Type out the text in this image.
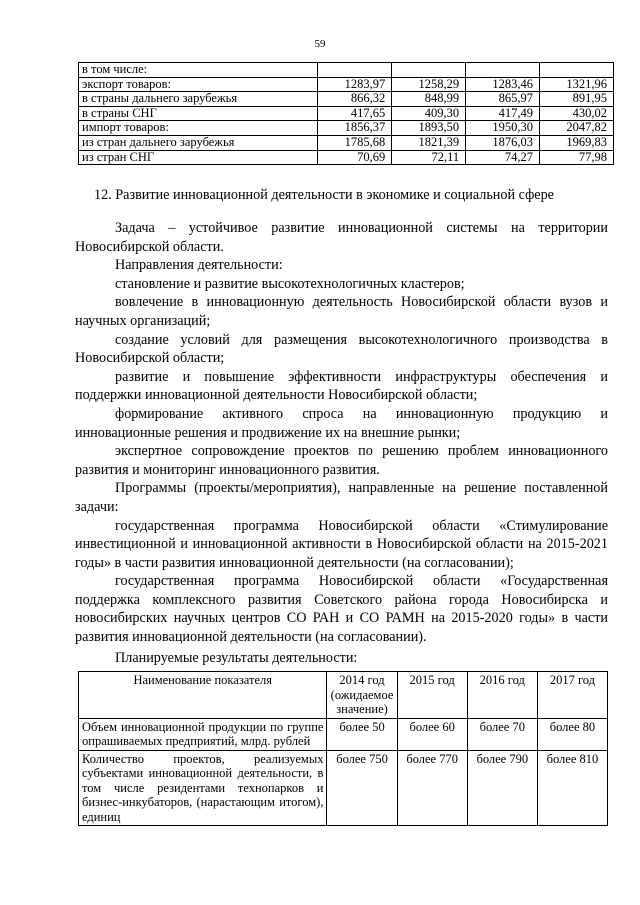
59
в том числе:				
экспорт товаров:	1283,97	1258,29	1283,46	1321,96
в страны дальнего зарубежья	866,32	848,99	865,97	891,95
в страны СНГ	417,65	409,30	417,49	430,02
импорт товаров:	1856,37	1893,50	1950,30	2047,82
из стран дальнего зарубежья	1785,68	1821,39	1876,03	1969,83
из стран СНГ	70,69	72,11	74,27	77,98
12. Развитие инновационной деятельности в экономике и социальной сфере

Задача – устойчивое развитие инновационной системы на территории Новосибирской области.

Направления деятельности:

становление и развитие высокотехнологичных кластеров;

вовлечение в инновационную деятельность Новосибирской области вузов и научных организаций;

создание условий для размещения высокотехнологичного производства в Новосибирской области;

развитие и повышение эффективности инфраструктуры обеспечения и поддержки инновационной деятельности Новосибирской области;

формирование активного спроса на инновационную продукцию и инновационные решения и продвижение их на внешние рынки;

экспертное сопровождение проектов по решению проблем инновационного развития и мониторинг инновационного развития.

Программы (проекты/мероприятия), направленные на решение поставленной задачи:

государственная программа Новосибирской области «Стимулирование инвестиционной и инновационной активности в Новосибирской области на 2015-2021 годы» в части развития инновационной деятельности (на согласовании);

государственная программа Новосибирской области «Государственная поддержка комплексного развития Советского района города Новосибирска и новосибирских научных центров СО РАН и СО РАМН на 2015-2020 годы» в части развития инновационной деятельности (на согласовании).

Планируемые результаты деятельности:
Наименование показателя	2014 год (ожидаемое значение)	2015 год	2016 год	2017 год
Объем инновационной продукции по группе опрашиваемых предприятий, млрд. рублей	более 50	более 60	более 70	более 80
Количество проектов, реализуемых субъектами инновационной деятельности, в том числе резидентами технопарков и бизнес-инкубаторов, (нарастающим итогом), единиц	более 750	более 770	более 790	более 810
